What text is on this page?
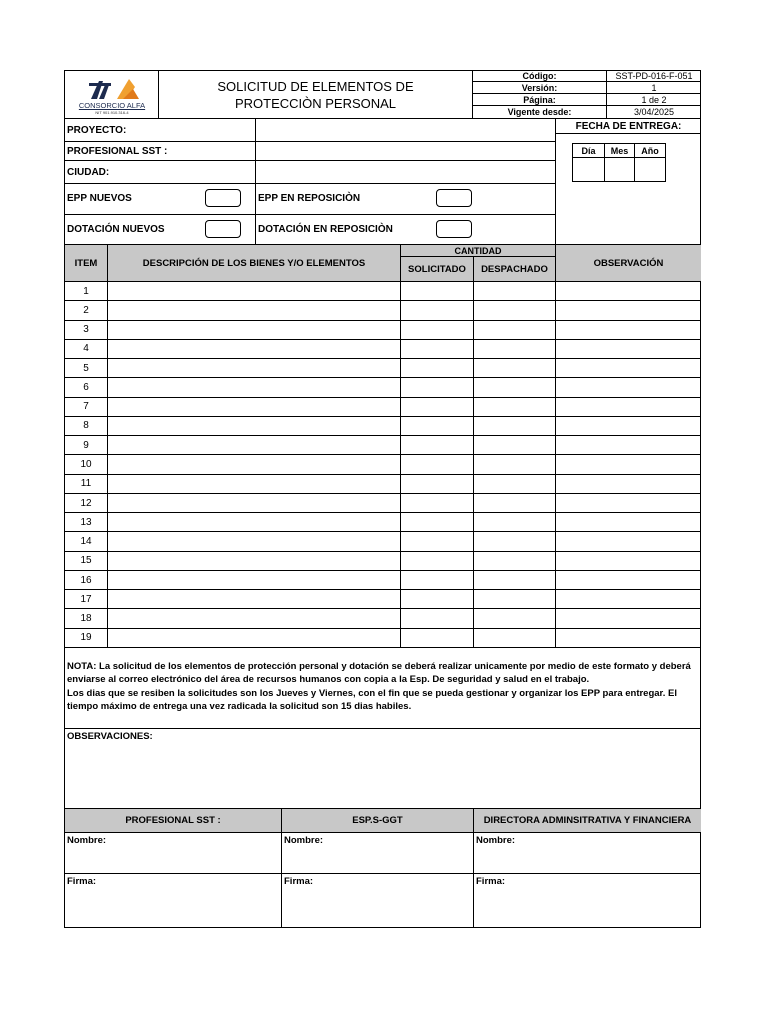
CONSORCIO ALFA
NIT 901.910.316-4
SOLICITUD DE ELEMENTOS DE PROTECCIÒN PERSONAL
Código:	SST-PD-016-F-051
Versión:	1
Página:	1 de 2
Vigente desde:	3/04/2025
PROYECTO:
PROFESIONAL SST :
CIUDAD:
EPP NUEVOS	EPP EN REPOSICIÒN
DOTACIÓN NUEVOS	DOTACIÓN EN REPOSICIÒN
FECHA DE ENTREGA:
Día	Mes	Año
ITEM	DESCRIPCIÓN DE LOS BIENES Y/O ELEMENTOS
CANTIDAD
SOLICITADO	DESPACHADO
OBSERVACIÓN
1
2
3
4
5
6
7
8
9
10
11
12
13
14
15
16
17
18
19
NOTA: La solicitud de los elementos de protección personal y dotación se deberá realizar unicamente por medio de este formato y deberá enviarse al correo electrónico del área de recursos humanos con copia a la Esp. De seguridad y salud en el trabajo.
Los dias que se resiben la solicitudes son los Jueves y Viernes, con el fin que se pueda gestionar y organizar los EPP para entregar. El tiempo máximo de entrega una vez radicada la solicitud son 15 dias habiles.
OBSERVACIONES:
PROFESIONAL SST :	ESP.S-GGT	DIRECTORA ADMINSITRATIVA Y FINANCIERA
Nombre:	Nombre:	Nombre:
Firma:	Firma:	Firma:
